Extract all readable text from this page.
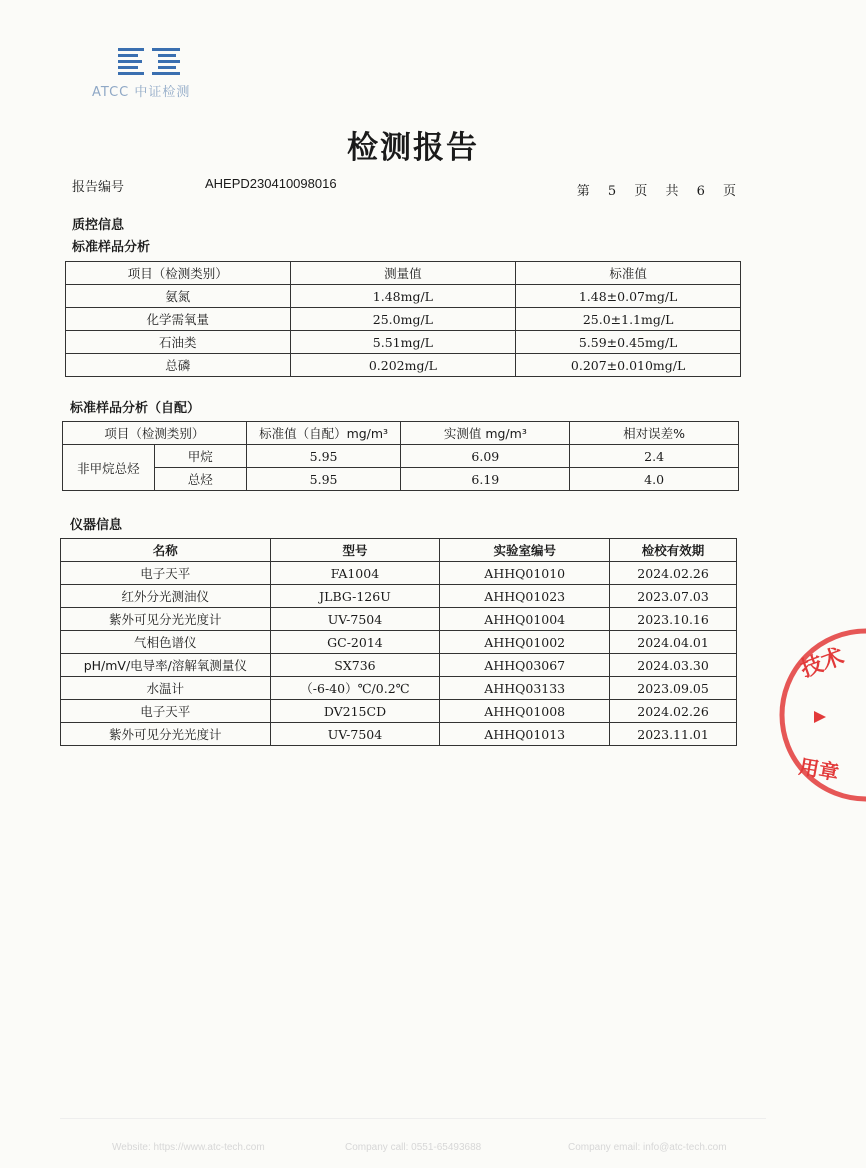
ATCC 中证检测
检测报告
报告编号	AHEPD230410098016
第 5 页 共 6 页
质控信息
标准样品分析
项目（检测类别）	测量值	标准值
氨氮	1.48mg/L	1.48±0.07mg/L
化学需氧量	25.0mg/L	25.0±1.1mg/L
石油类	5.51mg/L	5.59±0.45mg/L
总磷	0.202mg/L	0.207±0.010mg/L
标准样品分析（自配）
项目（检测类别）		标准值（自配）mg/m³	实测值 mg/m³	相对误差%
非甲烷总烃	甲烷	5.95	6.09	2.4
	总烃	5.95	6.19	4.0
仪器信息
名称	型号	实验室编号	检校有效期
电子天平	FA1004	AHHQ01010	2024.02.26
红外分光测油仪	JLBG-126U	AHHQ01023	2023.07.03
紫外可见分光光度计	UV-7504	AHHQ01004	2023.10.16
气相色谱仪	GC-2014	AHHQ01002	2024.04.01
pH/mV/电导率/溶解氧测量仪	SX736	AHHQ03067	2024.03.30
水温计	（-6-40）℃/0.2℃	AHHQ03133	2023.09.05
电子天平	DV215CD	AHHQ01008	2024.02.26
紫外可见分光光度计	UV-7504	AHHQ01013	2023.11.01
技术
用章
Website: https://www.atc-tech.com	Company call: 0551-65493688	Company email: info@atc-tech.com
